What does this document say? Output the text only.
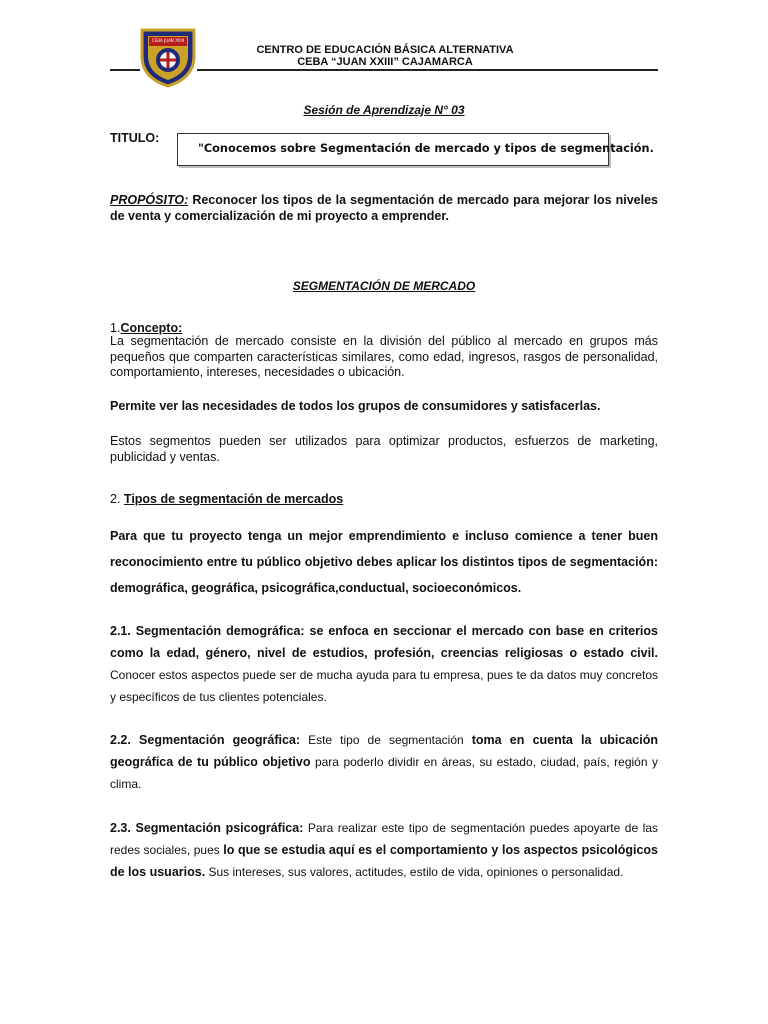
CEBA JUAN XXIII
CENTRO DE EDUCACIÓN BÁSICA ALTERNATIVA
CEBA “JUAN XXIII” CAJAMARCA
Sesión de Aprendizaje N° 03
TITULO:
"Conocemos sobre Segmentación de mercado y tipos de segmentación.
PROPÓSITO: Reconocer los tipos de la segmentación de mercado para mejorar los niveles de venta y comercialización de mi proyecto a emprender.
SEGMENTACIÓN DE MERCADO
1.Concepto:
La segmentación de mercado consiste en la división del público al mercado en grupos más pequeños que comparten características similares, como edad, ingresos, rasgos de personalidad, comportamiento, intereses, necesidades o ubicación.
Permite ver las necesidades de todos los grupos de consumidores y satisfacerlas.
Estos segmentos pueden ser utilizados para optimizar productos, esfuerzos de marketing, publicidad y ventas.
2. Tipos de segmentación de mercados
Para que tu proyecto tenga un mejor emprendimiento e incluso comience a tener buen reconocimiento entre tu público objetivo debes aplicar los distintos tipos de segmentación: demográfica, geográfica, psicográfica,conductual, socioeconómicos.
2.1. Segmentación demográfica: se enfoca en seccionar el mercado con base en criterios como la edad, género, nivel de estudios, profesión, creencias religiosas o estado civil. Conocer estos aspectos puede ser de mucha ayuda para tu empresa, pues te da datos muy concretos y específicos de tus clientes potenciales.
2.2. Segmentación geográfica: Este tipo de segmentación toma en cuenta la ubicación geográfica de tu público objetivo para poderlo dividir en áreas, su estado, ciudad, país, región y clima.
2.3. Segmentación psicográfica: Para realizar este tipo de segmentación puedes apoyarte de las redes sociales, pues lo que se estudia aquí es el comportamiento y los aspectos psicológicos de los usuarios. Sus intereses, sus valores, actitudes, estilo de vida, opiniones o personalidad.
